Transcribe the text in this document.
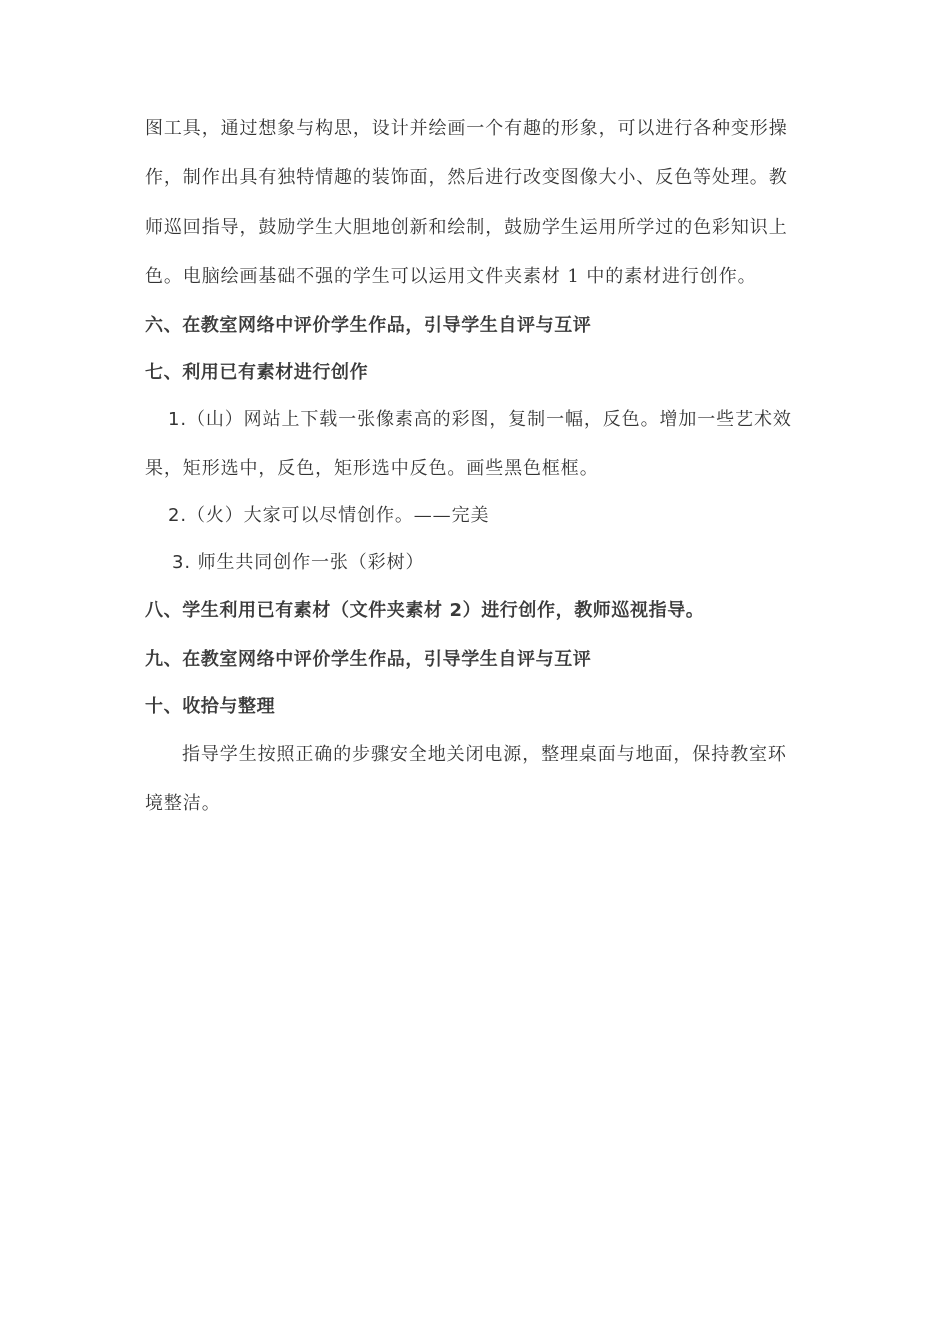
图工具，通过想象与构思，设计并绘画一个有趣的形象，可以进行各种变形操
作，制作出具有独特情趣的装饰面，然后进行改变图像大小、反色等处理。教
师巡回指导，鼓励学生大胆地创新和绘制，鼓励学生运用所学过的色彩知识上
色。电脑绘画基础不强的学生可以运用文件夹素材 1 中的素材进行创作。
六、在教室网络中评价学生作品，引导学生自评与互评
七、利用已有素材进行创作
1.（山）网站上下载一张像素高的彩图，复制一幅，反色。增加一些艺术效
果，矩形选中，反色，矩形选中反色。画些黑色框框。
2.（火）大家可以尽情创作。——完美
3. 师生共同创作一张（彩树）
八、学生利用已有素材（文件夹素材 2）进行创作，教师巡视指导。
九、在教室网络中评价学生作品，引导学生自评与互评
十、收拾与整理
指导学生按照正确的步骤安全地关闭电源，整理桌面与地面，保持教室环
境整洁。
